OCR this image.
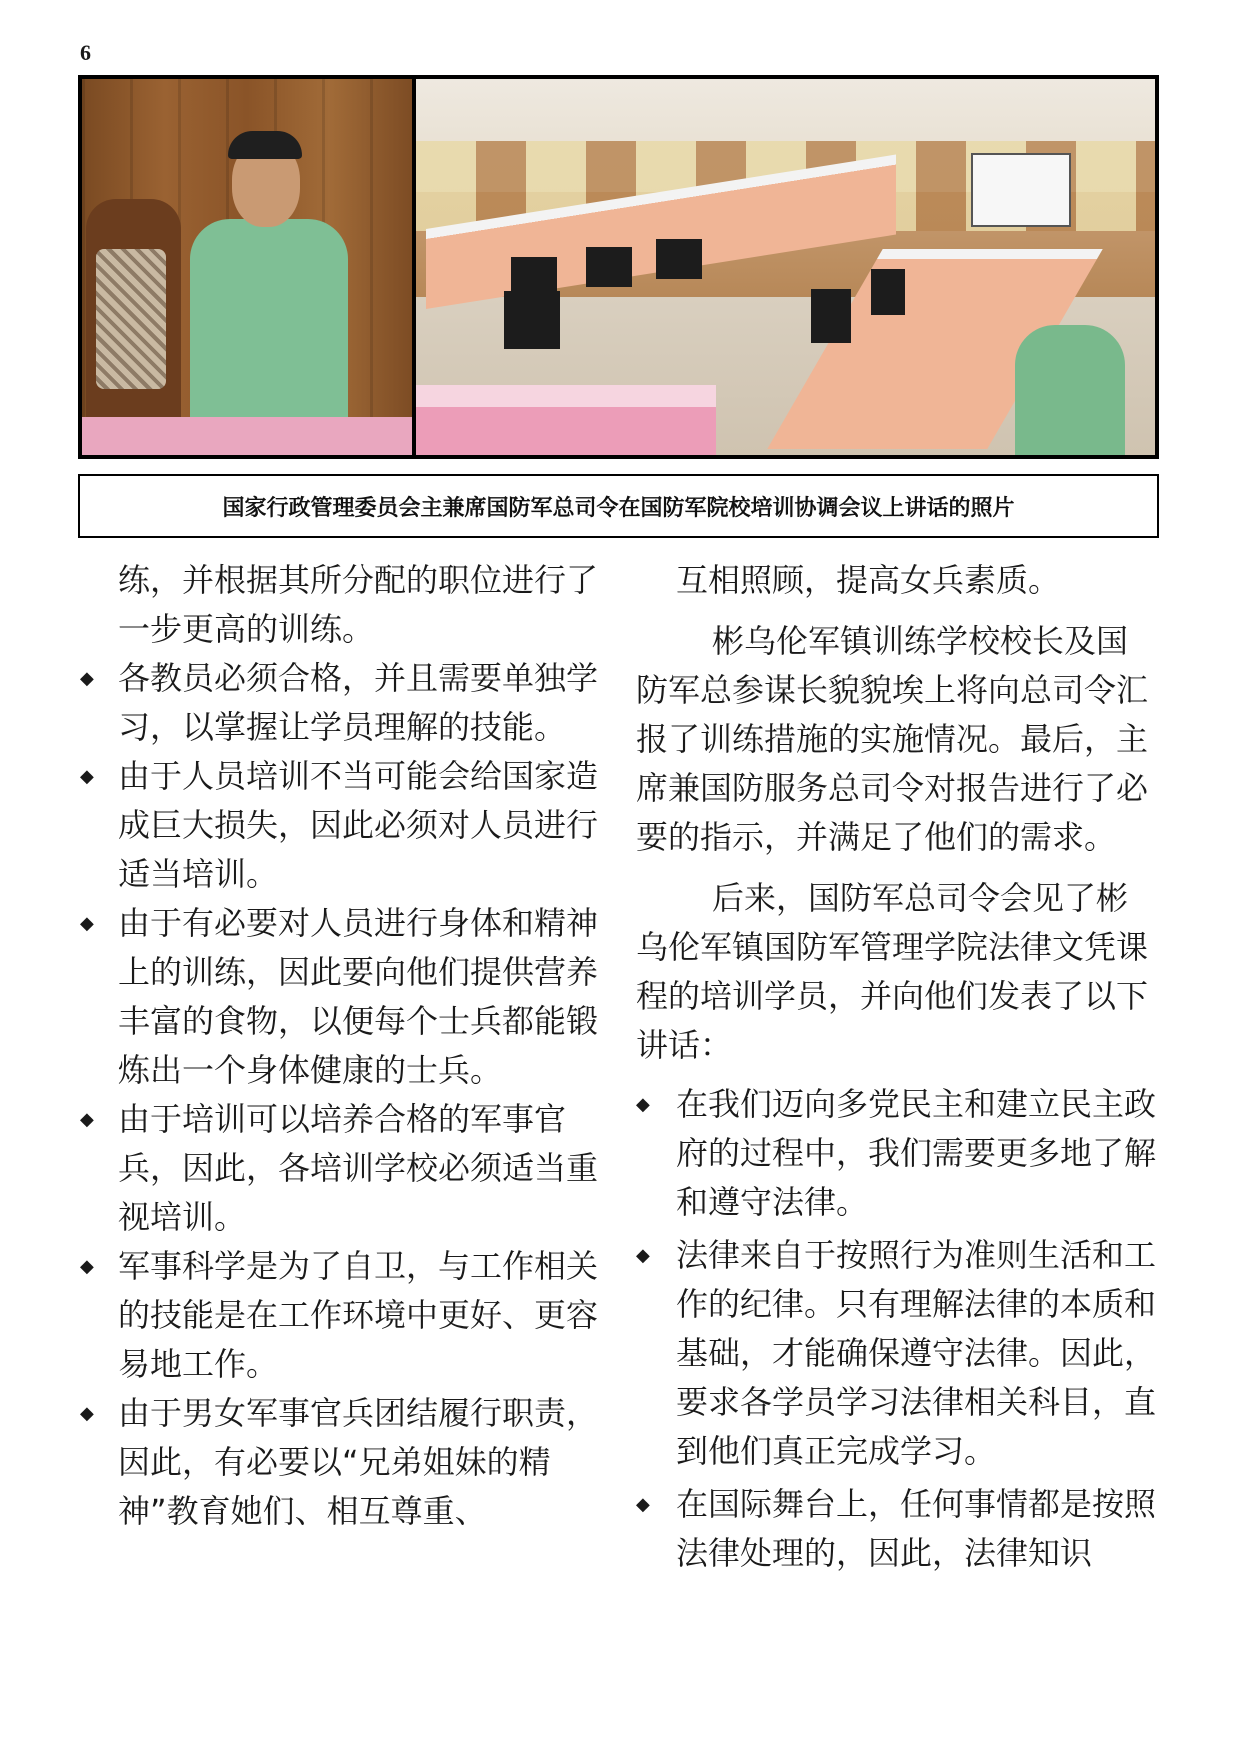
6
国家行政管理委员会主兼席国防军总司令在国防军院校培训协调会议上讲话的照片

练，并根据其所分配的职位进行了一步更高的训练。

◆ 各教员必须合格，并且需要单独学习，以掌握让学员理解的技能。

◆ 由于人员培训不当可能会给国家造成巨大损失，因此必须对人员进行适当培训。

◆ 由于有必要对人员进行身体和精神上的训练，因此要向他们提供营养丰富的食物，以便每个士兵都能锻炼出一个身体健康的士兵。

◆ 由于培训可以培养合格的军事官兵，因此，各培训学校必须适当重视培训。

◆ 军事科学是为了自卫，与工作相关的技能是在工作环境中更好、更容易地工作。

◆ 由于男女军事官兵团结履行职责，因此，有必要以“兄弟姐妹的精神”教育她们、相互尊重、

互相照顾，提高女兵素质。

彬乌伦军镇训练学校校长及国防军总参谋长貌貌埃上将向总司令汇报了训练措施的实施情况。最后，主席兼国防服务总司令对报告进行了必要的指示，并满足了他们的需求。

后来，国防军总司令会见了彬乌伦军镇国防军管理学院法律文凭课程的培训学员，并向他们发表了以下讲话：

◆ 在我们迈向多党民主和建立民主政府的过程中，我们需要更多地了解和遵守法律。

◆ 法律来自于按照行为准则生活和工作的纪律。只有理解法律的本质和基础，才能确保遵守法律。因此，要求各学员学习法律相关科目，直到他们真正完成学习。

◆ 在国际舞台上，任何事情都是按照法律处理的，因此，法律知识
